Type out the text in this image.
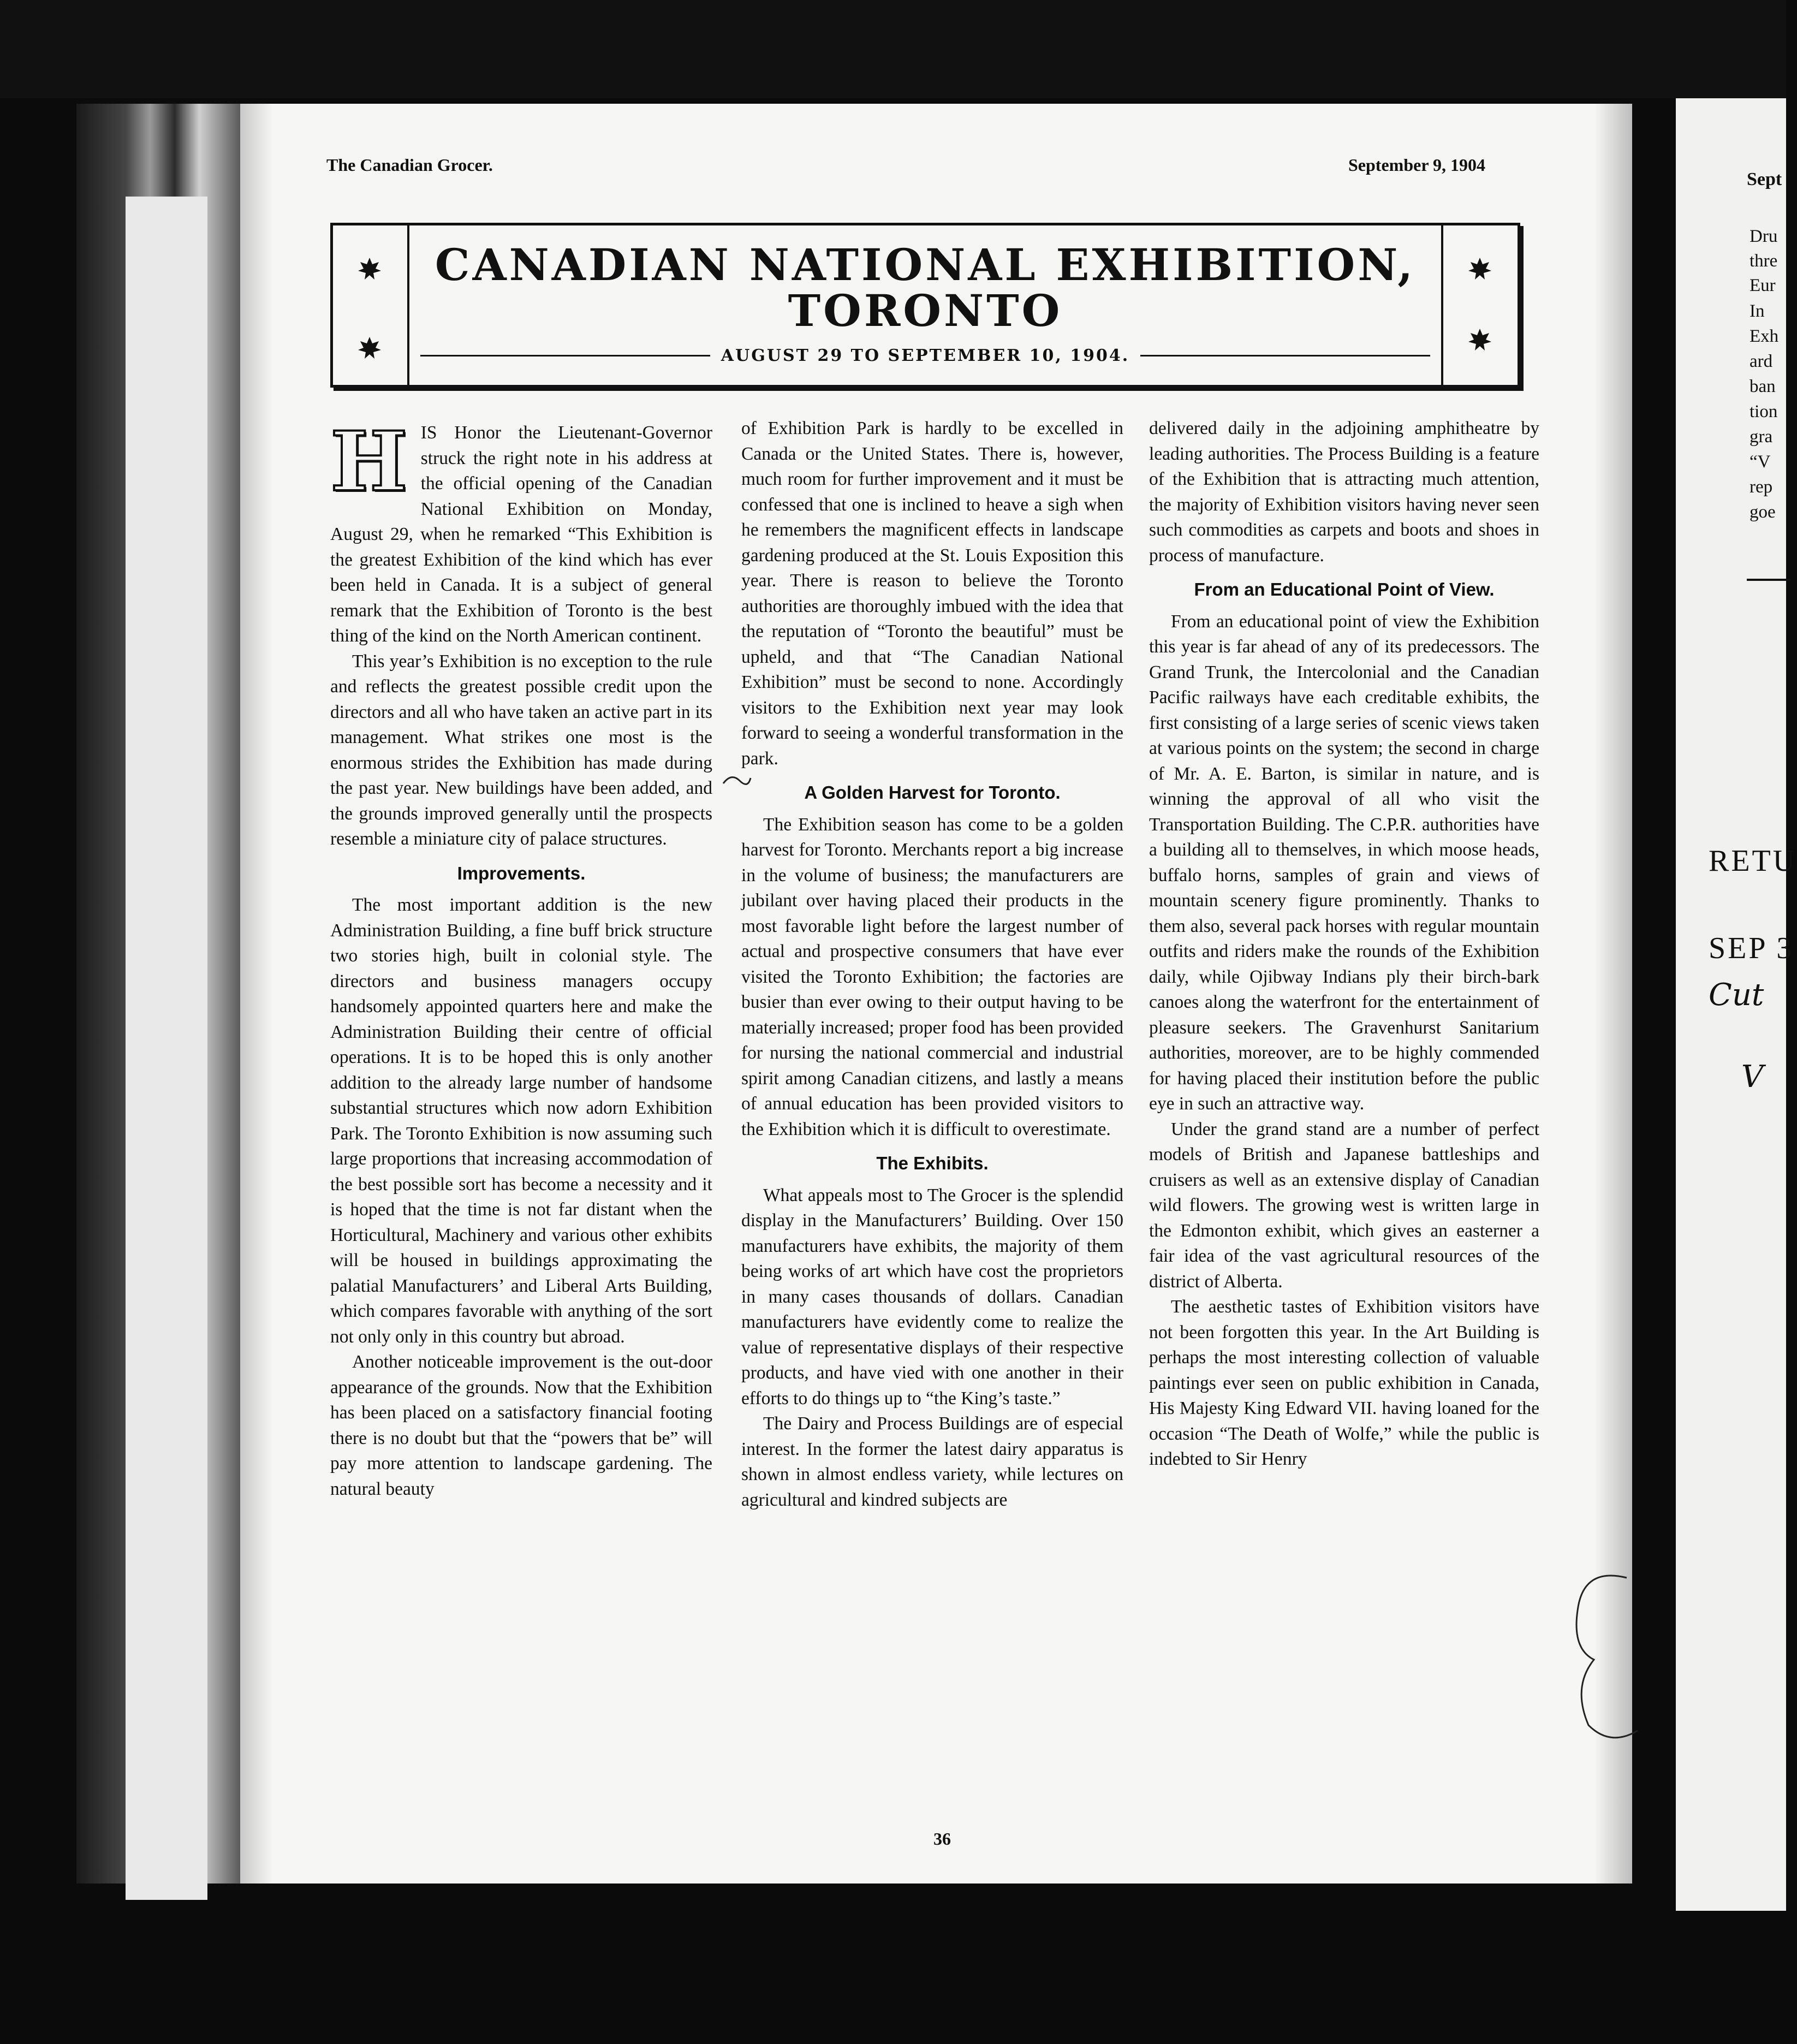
The Canadian Grocer.	September 9, 1904
CANADIAN NATIONAL EXHIBITION,
TORONTO
AUGUST 29 TO SEPTEMBER 10, 1904.
H IS Honor the Lieutenant-Governor struck the right note in his address at the official opening of the Canadian National Exhibition on Monday, August 29, when he remarked “This Exhibition is the greatest Exhibition of the kind which has ever been held in Canada. It is a subject of general remark that the Exhibition of Toronto is the best thing of the kind on the North American continent.

This year’s Exhibition is no exception to the rule and reflects the greatest possible credit upon the directors and all who have taken an active part in its management. What strikes one most is the enormous strides the Exhibition has made during the past year. New buildings have been added, and the grounds improved generally until the prospects resemble a miniature city of palace structures.

Improvements.

The most important addition is the new Administration Building, a fine buff brick structure two stories high, built in colonial style. The directors and business managers occupy handsomely appointed quarters here and make the Administration Building their centre of official operations. It is to be hoped this is only another addition to the already large number of handsome substantial structures which now adorn Exhibition Park. The Toronto Exhibition is now assuming such large proportions that increasing accommodation of the best possible sort has become a necessity and it is hoped that the time is not far distant when the Horticultural, Machinery and various other exhibits will be housed in buildings approximating the palatial Manufacturers’ and Liberal Arts Building, which compares favorable with anything of the sort not only only in this country but abroad.

Another noticeable improvement is the out-door appearance of the grounds. Now that the Exhibition has been placed on a satisfactory financial footing there is no doubt but that the “powers that be” will pay more attention to landscape gardening. The natural beauty

of Exhibition Park is hardly to be excelled in Canada or the United States. There is, however, much room for further improvement and it must be confessed that one is inclined to heave a sigh when he remembers the magnificent effects in landscape gardening produced at the St. Louis Exposition this year. There is reason to believe the Toronto authorities are thoroughly imbued with the idea that the reputation of “Toronto the beautiful” must be upheld, and that “The Canadian National Exhibition” must be second to none. Accordingly visitors to the Exhibition next year may look forward to seeing a wonderful transformation in the park.

A Golden Harvest for Toronto.

The Exhibition season has come to be a golden harvest for Toronto. Merchants report a big increase in the volume of business; the manufacturers are jubilant over having placed their products in the most favorable light before the largest number of actual and prospective consumers that have ever visited the Toronto Exhibition; the factories are busier than ever owing to their output having to be materially increased; proper food has been provided for nursing the national commercial and industrial spirit among Canadian citizens, and lastly a means of annual education has been provided visitors to the Exhibition which it is difficult to overestimate.

The Exhibits.

What appeals most to The Grocer is the splendid display in the Manufacturers’ Building. Over 150 manufacturers have exhibits, the majority of them being works of art which have cost the proprietors in many cases thousands of dollars. Canadian manufacturers have evidently come to realize the value of representative displays of their respective products, and have vied with one another in their efforts to do things up to “the King’s taste.”

The Dairy and Process Buildings are of especial interest. In the former the latest dairy apparatus is shown in almost endless variety, while lectures on agricultural and kindred subjects are

delivered daily in the adjoining amphitheatre by leading authorities. The Process Building is a feature of the Exhibition that is attracting much attention, the majority of Exhibition visitors having never seen such commodities as carpets and boots and shoes in process of manufacture.

From an Educational Point of View.

From an educational point of view the Exhibition this year is far ahead of any of its predecessors. The Grand Trunk, the Intercolonial and the Canadian Pacific railways have each creditable exhibits, the first consisting of a large series of scenic views taken at various points on the system; the second in charge of Mr. A. E. Barton, is similar in nature, and is winning the approval of all who visit the Transportation Building. The C.P.R. authorities have a building all to themselves, in which moose heads, buffalo horns, samples of grain and views of mountain scenery figure prominently. Thanks to them also, several pack horses with regular mountain outfits and riders make the rounds of the Exhibition daily, while Ojibway Indians ply their birch-bark canoes along the waterfront for the entertainment of pleasure seekers. The Gravenhurst Sanitarium authorities, moreover, are to be highly commended for having placed their institution before the public eye in such an attractive way.

Under the grand stand are a number of perfect models of British and Japanese battleships and cruisers as well as an extensive display of Canadian wild flowers. The growing west is written large in the Edmonton exhibit, which gives an easterner a fair idea of the vast agricultural resources of the district of Alberta.

The aesthetic tastes of Exhibition visitors have not been forgotten this year. In the Art Building is perhaps the most interesting collection of valuable paintings ever seen on public exhibition in Canada, His Majesty King Edward VII. having loaned for the occasion “The Death of Wolfe,” while the public is indebted to Sir Henry

36
Sept
Dru
thre
Eur
In
Exh
ard
ban
tion
gra
“V
rep
goe
RETU
SEP 3
Cut
V
